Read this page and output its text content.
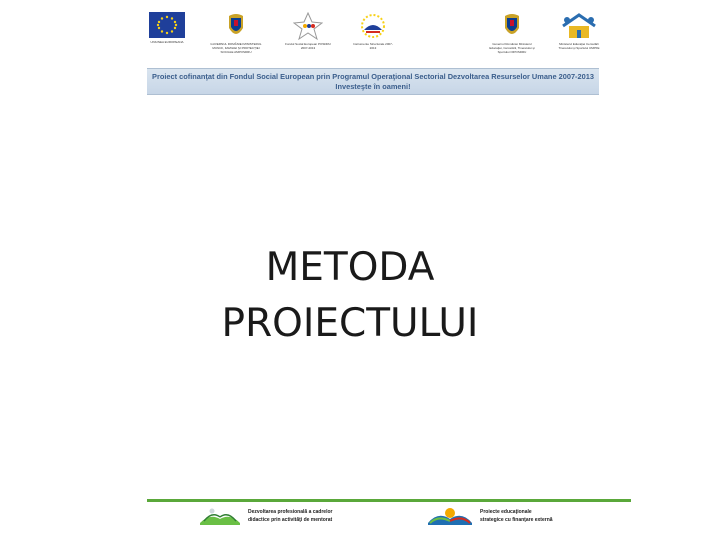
UNIUNEA EUROPEANA	GUVERNUL ROMÂNIEI MINISTERUL MUNCII, FAMILIEI ŞI PROTECŢIEI SOCIALE AMPOSDRU
Fondul Social European POSDRU 2007-2013
Instrumente Structurale 2007-2013
Guvernul României Ministerul Educaţiei, Cercetării, Tineretului şi Sportului OIPOSDRU
Ministerul Educaţiei Cercetării Tineretului şi Sportului UMPFE
Proiect cofinanţat din Fondul Social European prin Programul Operaţional Sectorial Dezvoltarea Resurselor Umane 2007-2013
Investeşte în oameni!
METODA
PROIECTULUI
Dezvoltarea profesională a cadrelor
didactice prin activităţi de mentorat
Proiecte educaţionale
strategice cu finanţare externă
